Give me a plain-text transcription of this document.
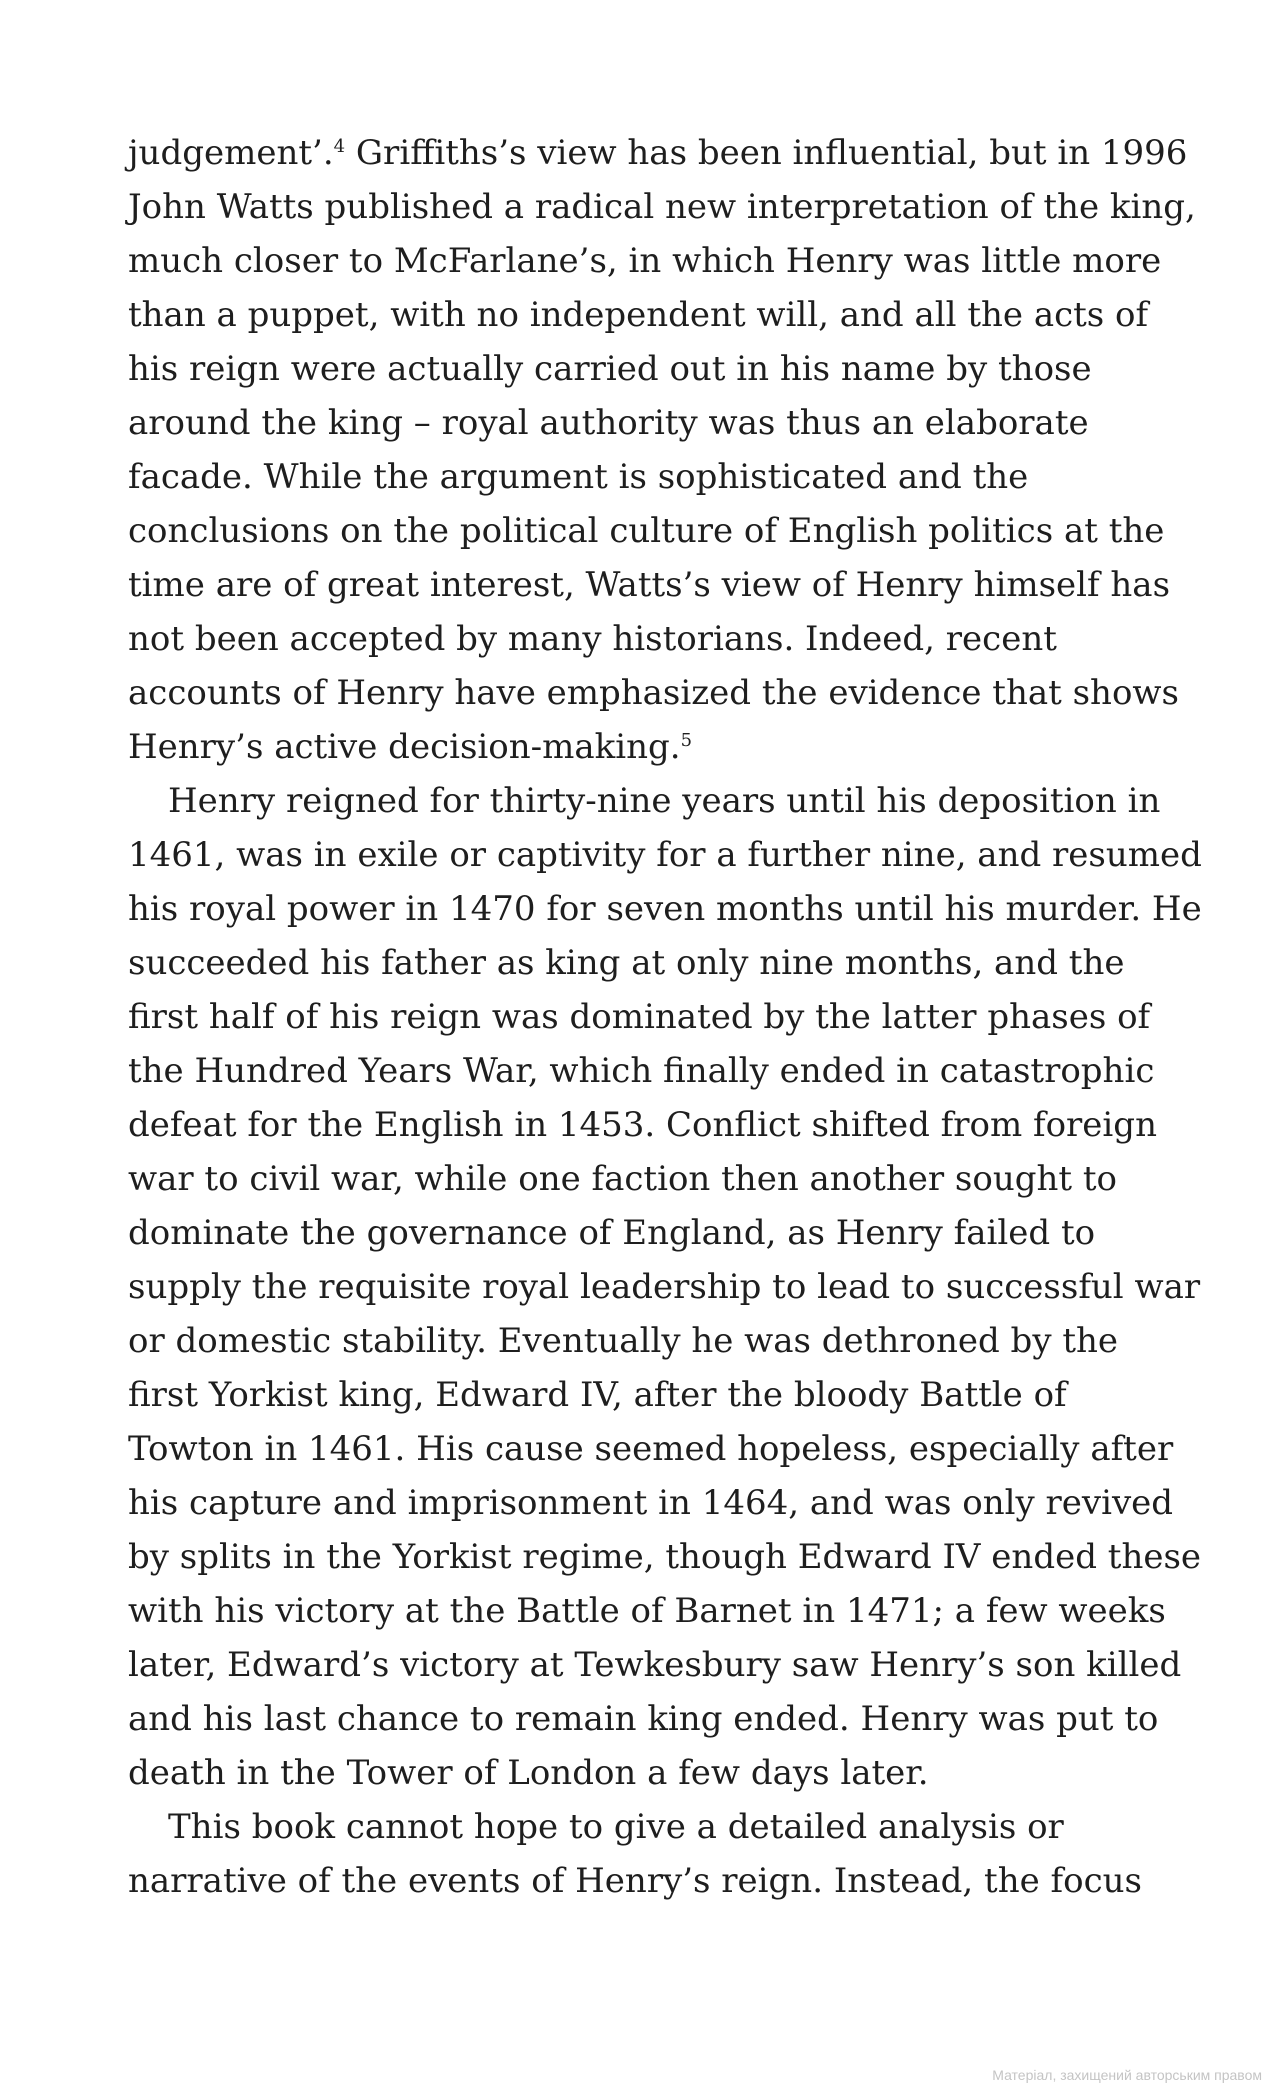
judgement’.$^4$ Griffiths’s view has been influential, but in 1996
John Watts published a radical new interpretation of the king,
much closer to McFarlane’s, in which Henry was little more
than a puppet, with no independent will, and all the acts of
his reign were actually carried out in his name by those
around the king – royal authority was thus an elaborate
facade. While the argument is sophisticated and the
conclusions on the political culture of English politics at the
time are of great interest, Watts’s view of Henry himself has
not been accepted by many historians. Indeed, recent
accounts of Henry have emphasized the evidence that shows
Henry’s active decision-making.$^5$

Henry reigned for thirty-nine years until his deposition in
1461, was in exile or captivity for a further nine, and resumed
his royal power in 1470 for seven months until his murder. He
succeeded his father as king at only nine months, and the
first half of his reign was dominated by the latter phases of
the Hundred Years War, which finally ended in catastrophic
defeat for the English in 1453. Conflict shifted from foreign
war to civil war, while one faction then another sought to
dominate the governance of England, as Henry failed to
supply the requisite royal leadership to lead to successful war
or domestic stability. Eventually he was dethroned by the
first Yorkist king, Edward IV, after the bloody Battle of
Towton in 1461. His cause seemed hopeless, especially after
his capture and imprisonment in 1464, and was only revived
by splits in the Yorkist regime, though Edward IV ended these
with his victory at the Battle of Barnet in 1471; a few weeks
later, Edward’s victory at Tewkesbury saw Henry’s son killed
and his last chance to remain king ended. Henry was put to
death in the Tower of London a few days later.

This book cannot hope to give a detailed analysis or
narrative of the events of Henry’s reign. Instead, the focus

Матеріал, захищений авторським правом
